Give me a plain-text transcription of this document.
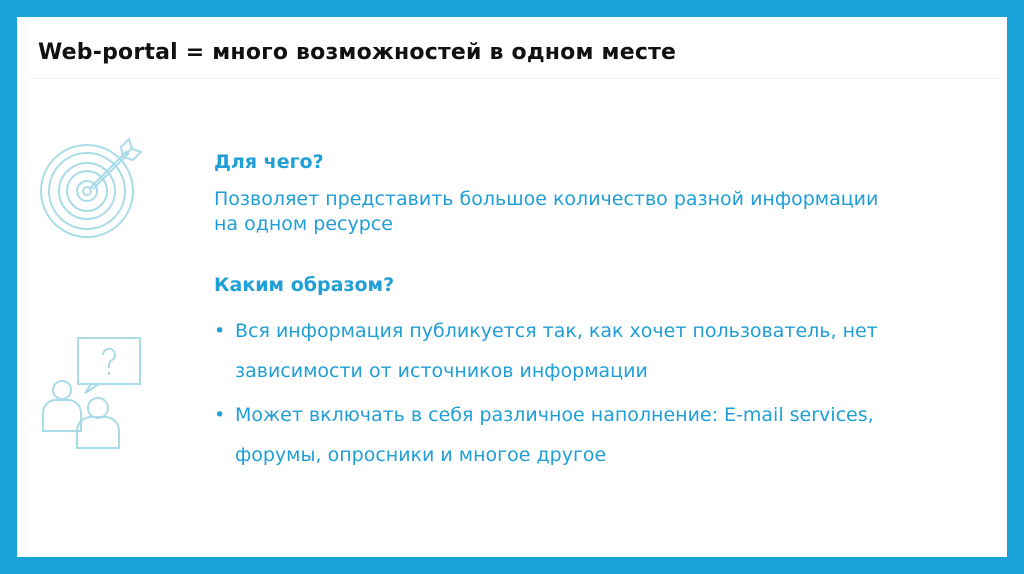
Web-portal = много возможностей в одном месте
Для чего?
Позволяет представить большое количество разной информации
на одном ресурсе
Каким образом?
• Вся информация публикуется так, как хочет пользователь, нет
зависимости от источников информации
• Может включать в себя различное наполнение: E-mail services,
форумы, опросники и многое другое
